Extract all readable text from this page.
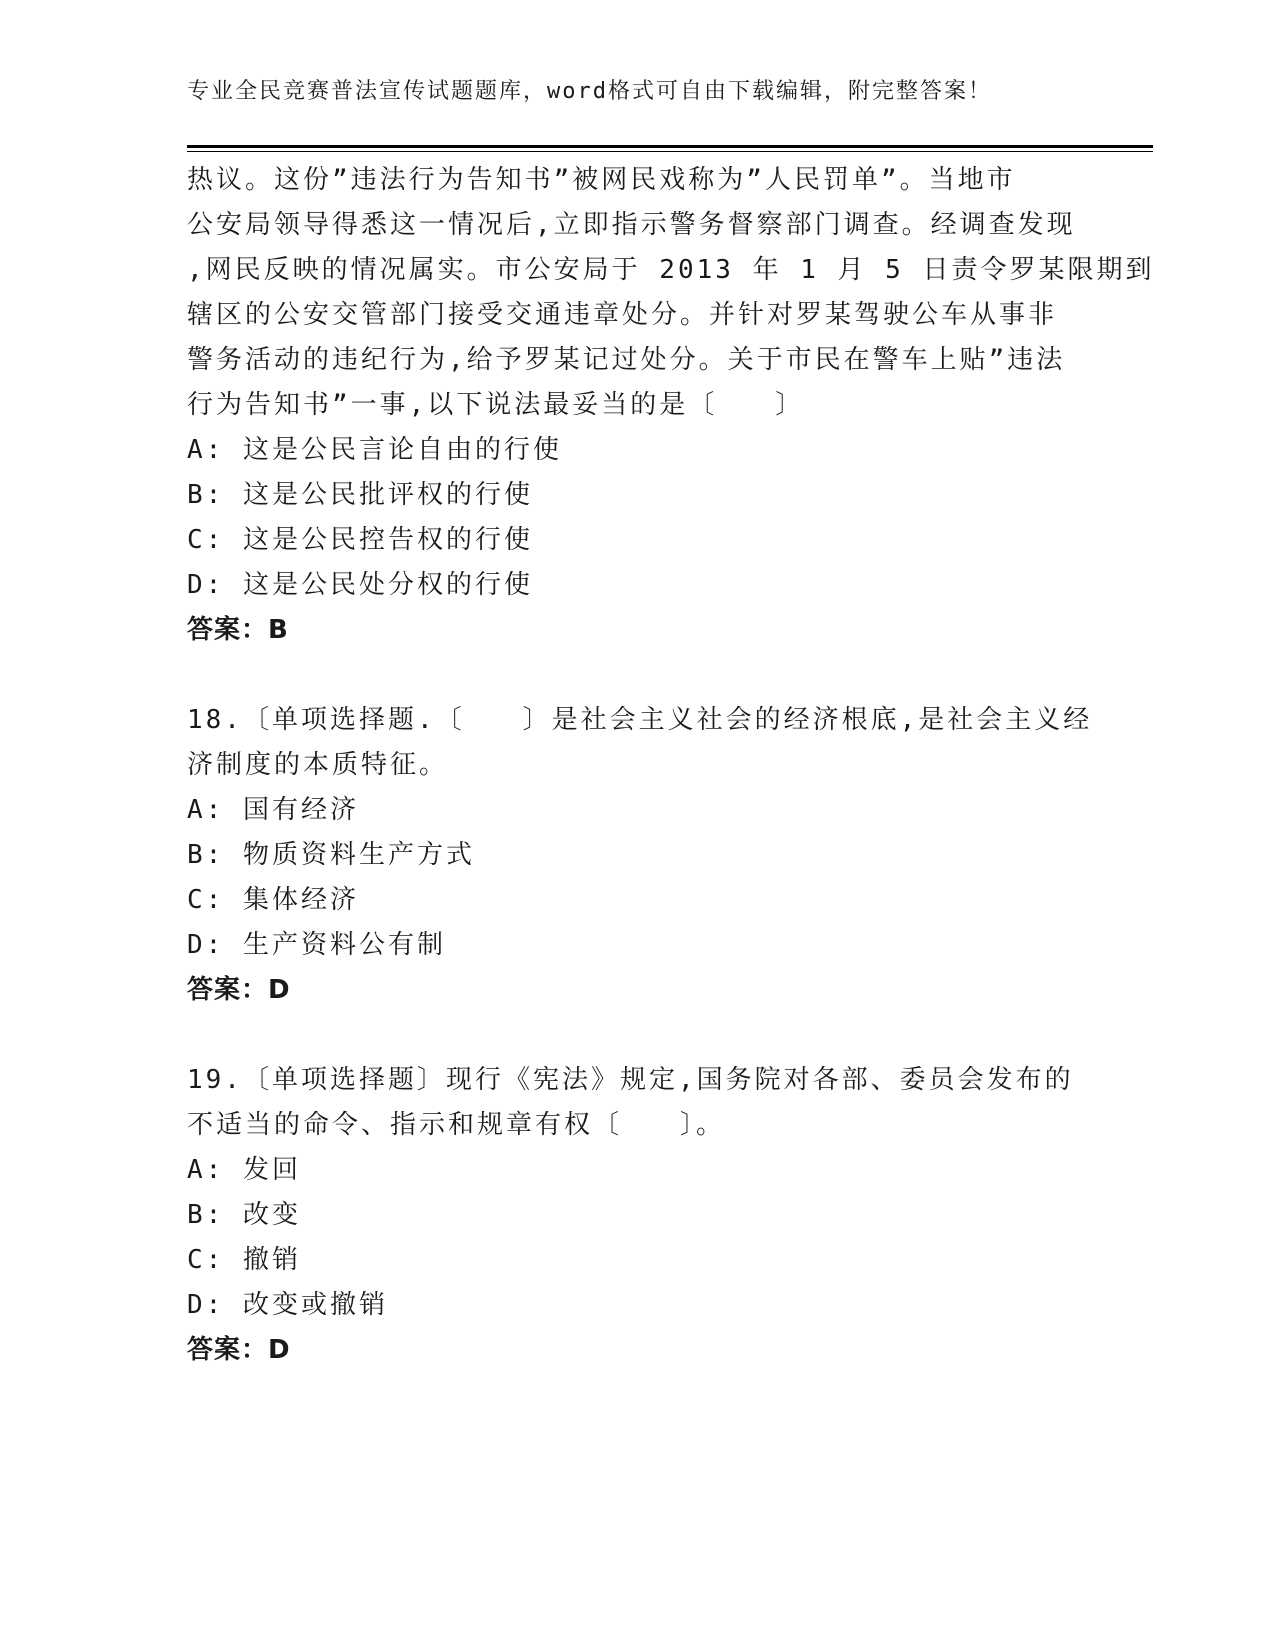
专业全民竞赛普法宣传试题题库，word格式可自由下载编辑，附完整答案！
热议。这份”违法行为告知书”被网民戏称为”人民罚单”。当地市
公安局领导得悉这一情况后,立即指示警务督察部门调查。经调查发现
,网民反映的情况属实。市公安局于 2013 年 1 月 5 日责令罗某限期到
辖区的公安交管部门接受交通违章处分。并针对罗某驾驶公车从事非
警务活动的违纪行为,给予罗某记过处分。关于市民在警车上贴”违法
行为告知书”一事,以下说法最妥当的是〔　　〕
A: 这是公民言论自由的行使
B: 这是公民批评权的行使
C: 这是公民控告权的行使
D: 这是公民处分权的行使
答案：B
18.〔单项选择题.〔　　〕是社会主义社会的经济根底,是社会主义经
济制度的本质特征。
A: 国有经济
B: 物质资料生产方式
C: 集体经济
D: 生产资料公有制
答案：D
19.〔单项选择题〕现行《宪法》规定,国务院对各部、委员会发布的
不适当的命令、指示和规章有权〔　　〕。
A: 发回
B: 改变
C: 撤销
D: 改变或撤销
答案：D
